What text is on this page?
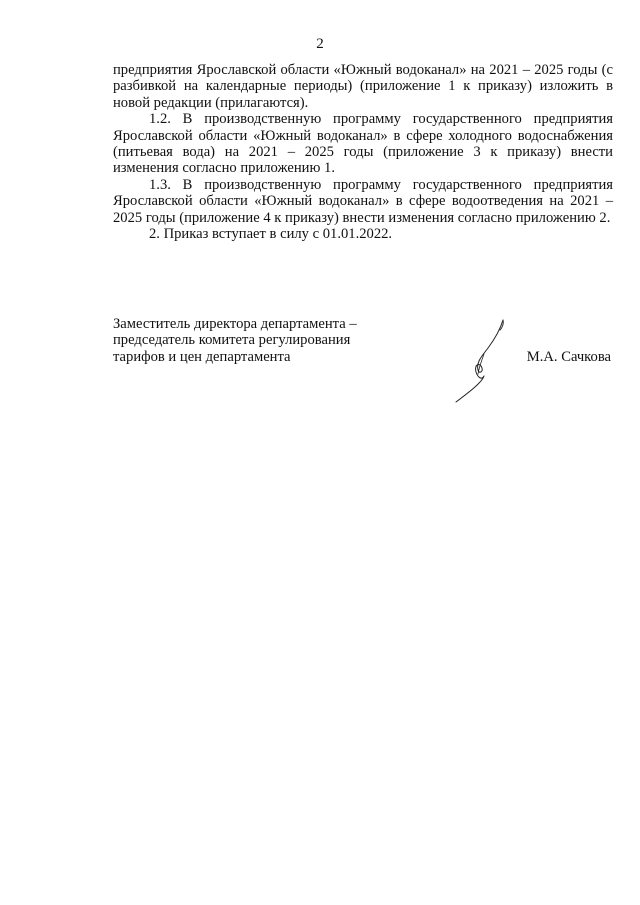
2

предприятия Ярославской области «Южный водоканал» на 2021 – 2025 годы (с разбивкой на календарные периоды) (приложение 1 к приказу) изложить в новой редакции (прилагаются).

1.2. В производственную программу государственного предприятия Ярославской области «Южный водоканал» в сфере холодного водоснабжения (питьевая вода) на 2021 – 2025 годы (приложение 3 к приказу) внести изменения согласно приложению 1.

1.3. В производственную программу государственного предприятия Ярославской области «Южный водоканал» в сфере водоотведения на 2021 – 2025 годы (приложение 4 к приказу) внести изменения согласно приложению 2.

2. Приказ вступает в силу с 01.01.2022.

Заместитель директора департамента –
председатель комитета регулирования
тарифов и цен департамента	М.А. Сачкова
